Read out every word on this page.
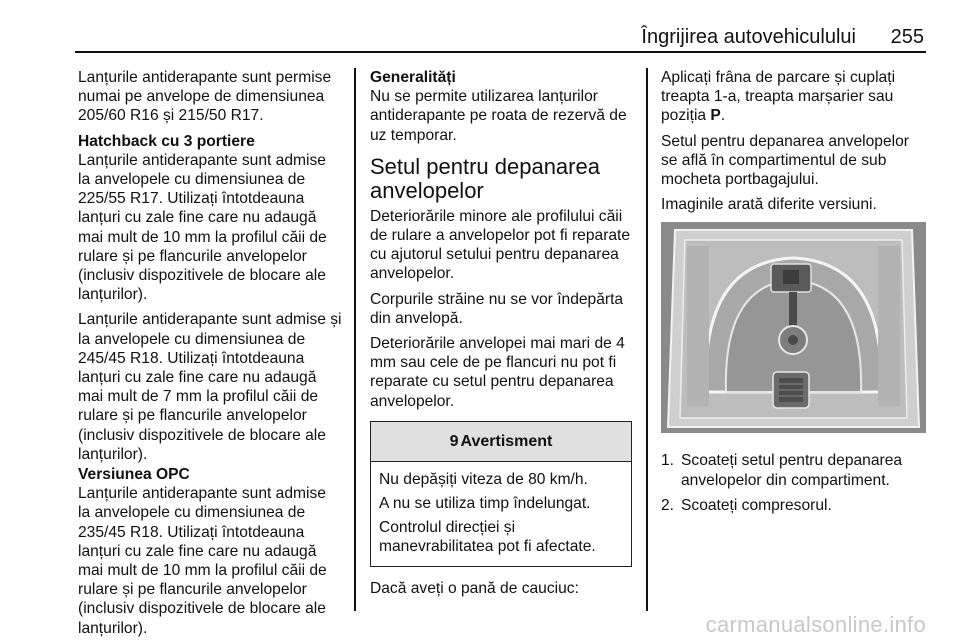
Îngrijirea autovehiculului 255

Lanțurile antiderapante sunt permise numai pe anvelope de dimensiunea 205/60 R16 și 215/50 R17.

Hatchback cu 3 portiere

Lanțurile antiderapante sunt admise la anvelopele cu dimensiunea de 225/55 R17. Utilizați întotdeauna lanțuri cu zale fine care nu adaugă mai mult de 10 mm la profilul căii de rulare și pe flancurile anvelopelor (inclusiv dispozitivele de blocare ale lanțurilor).

Lanțurile antiderapante sunt admise și la anvelopele cu dimensiunea de 245/45 R18. Utilizați întotdeauna lanțuri cu zale fine care nu adaugă mai mult de 7 mm la profilul căii de rulare și pe flancurile anvelopelor (inclusiv dispozitivele de blocare ale lanțurilor).

Versiunea OPC

Lanțurile antiderapante sunt admise la anvelopele cu dimensiunea de 235/45 R18. Utilizați întotdeauna lanțuri cu zale fine care nu adaugă mai mult de 10 mm la profilul căii de rulare și pe flancurile anvelopelor (inclusiv dispozitivele de blocare ale lanțurilor).

Generalități

Nu se permite utilizarea lanțurilor antiderapante pe roata de rezervă de uz temporar.

Setul pentru depanarea anvelopelor

Deteriorările minore ale profilului căii de rulare a anvelopelor pot fi reparate cu ajutorul setului pentru depanarea anvelopelor.

Corpurile străine nu se vor îndepărta din anvelopă.

Deteriorările anvelopei mai mari de 4 mm sau cele de pe flancuri nu pot fi reparate cu setul pentru depanarea anvelopelor.

9 Avertisment

Nu depășiți viteza de 80 km/h.

A nu se utiliza timp îndelungat.

Controlul direcției și manevrabilitatea pot fi afectate.

Dacă aveți o pană de cauciuc:

Aplicați frâna de parcare și cuplați treapta 1-a, treapta marșarier sau poziția P.

Setul pentru depanarea anvelopelor se află în compartimentul de sub mocheta portbagajului.

Imaginile arată diferite versiuni.

1. Scoateți setul pentru depanarea anvelopelor din compartiment.
2. Scoateți compresorul.
carmanualsonline.info
